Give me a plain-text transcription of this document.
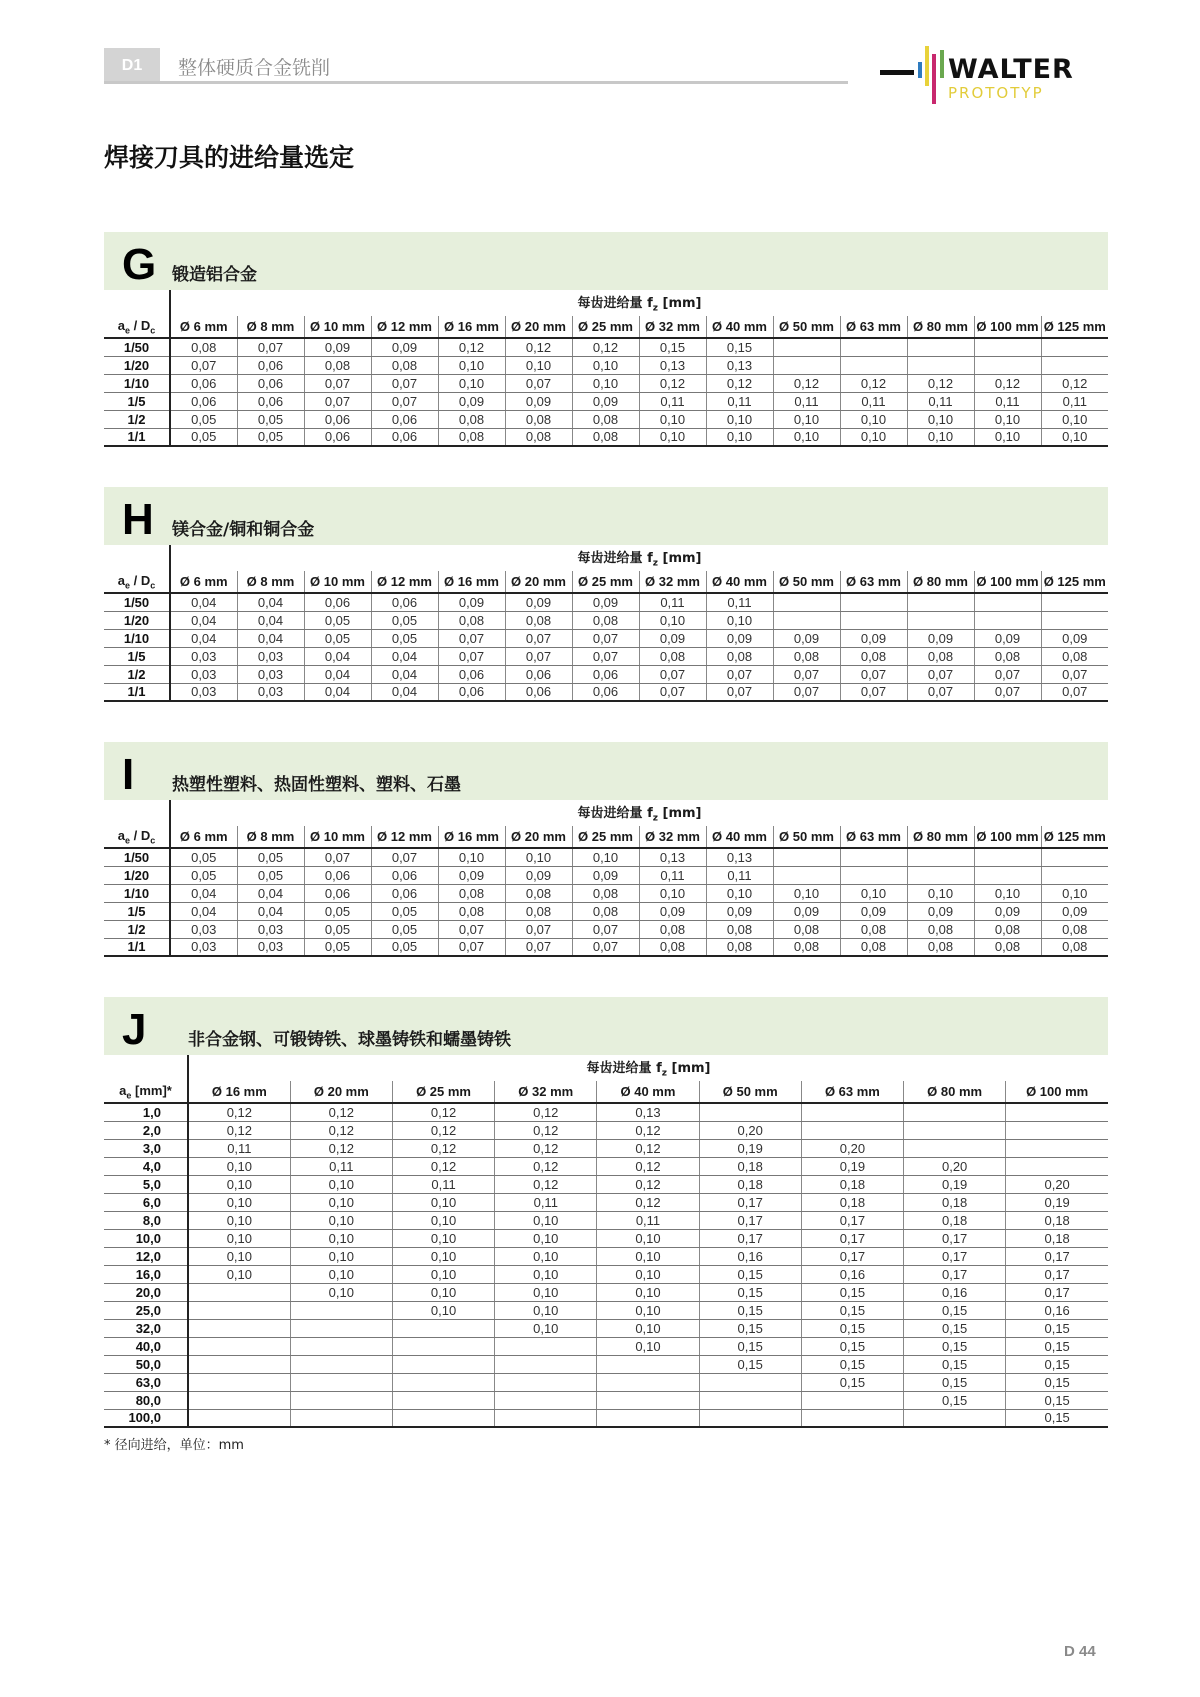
D1	整体硬质合金铣削	WALTER
PROTOTYP
焊接刀具的进给量选定
G 锻造铝合金
	每齿进给量 $f_z$ [mm]													
$a_e / D_c$	Ø 6 mm	Ø 8 mm	Ø 10 mm	Ø 12 mm	Ø 16 mm	Ø 20 mm	Ø 25 mm	Ø 32 mm	Ø 40 mm	Ø 50 mm	Ø 63 mm	Ø 80 mm	Ø 100 mm	Ø 125 mm
1/50	0,08	0,07	0,09	0,09	0,12	0,12	0,12	0,15	0,15					
1/20	0,07	0,06	0,08	0,08	0,10	0,10	0,10	0,13	0,13					
1/10	0,06	0,06	0,07	0,07	0,10	0,07	0,10	0,12	0,12	0,12	0,12	0,12	0,12	0,12
1/5	0,06	0,06	0,07	0,07	0,09	0,09	0,09	0,11	0,11	0,11	0,11	0,11	0,11	0,11
1/2	0,05	0,05	0,06	0,06	0,08	0,08	0,08	0,10	0,10	0,10	0,10	0,10	0,10	0,10
1/1	0,05	0,05	0,06	0,06	0,08	0,08	0,08	0,10	0,10	0,10	0,10	0,10	0,10	0,10
H 镁合金/铜和铜合金
	每齿进给量 $f_z$ [mm]													
$a_e / D_c$	Ø 6 mm	Ø 8 mm	Ø 10 mm	Ø 12 mm	Ø 16 mm	Ø 20 mm	Ø 25 mm	Ø 32 mm	Ø 40 mm	Ø 50 mm	Ø 63 mm	Ø 80 mm	Ø 100 mm	Ø 125 mm
1/50	0,04	0,04	0,06	0,06	0,09	0,09	0,09	0,11	0,11					
1/20	0,04	0,04	0,05	0,05	0,08	0,08	0,08	0,10	0,10					
1/10	0,04	0,04	0,05	0,05	0,07	0,07	0,07	0,09	0,09	0,09	0,09	0,09	0,09	0,09
1/5	0,03	0,03	0,04	0,04	0,07	0,07	0,07	0,08	0,08	0,08	0,08	0,08	0,08	0,08
1/2	0,03	0,03	0,04	0,04	0,06	0,06	0,06	0,07	0,07	0,07	0,07	0,07	0,07	0,07
1/1	0,03	0,03	0,04	0,04	0,06	0,06	0,06	0,07	0,07	0,07	0,07	0,07	0,07	0,07
I 热塑性塑料、热固性塑料、塑料、石墨
	每齿进给量 $f_z$ [mm]													
$a_e / D_c$	Ø 6 mm	Ø 8 mm	Ø 10 mm	Ø 12 mm	Ø 16 mm	Ø 20 mm	Ø 25 mm	Ø 32 mm	Ø 40 mm	Ø 50 mm	Ø 63 mm	Ø 80 mm	Ø 100 mm	Ø 125 mm
1/50	0,05	0,05	0,07	0,07	0,10	0,10	0,10	0,13	0,13					
1/20	0,05	0,05	0,06	0,06	0,09	0,09	0,09	0,11	0,11					
1/10	0,04	0,04	0,06	0,06	0,08	0,08	0,08	0,10	0,10	0,10	0,10	0,10	0,10	0,10
1/5	0,04	0,04	0,05	0,05	0,08	0,08	0,08	0,09	0,09	0,09	0,09	0,09	0,09	0,09
1/2	0,03	0,03	0,05	0,05	0,07	0,07	0,07	0,08	0,08	0,08	0,08	0,08	0,08	0,08
1/1	0,03	0,03	0,05	0,05	0,07	0,07	0,07	0,08	0,08	0,08	0,08	0,08	0,08	0,08
J 非合金钢、可锻铸铁、球墨铸铁和蠕墨铸铁
	每齿进给量 $f_z$ [mm]								
$a_e$ [mm]*	Ø 16 mm	Ø 20 mm	Ø 25 mm	Ø 32 mm	Ø 40 mm	Ø 50 mm	Ø 63 mm	Ø 80 mm	Ø 100 mm
1,0	0,12	0,12	0,12	0,12	0,13				
2,0	0,12	0,12	0,12	0,12	0,12	0,20			
3,0	0,11	0,12	0,12	0,12	0,12	0,19	0,20		
4,0	0,10	0,11	0,12	0,12	0,12	0,18	0,19	0,20	
5,0	0,10	0,10	0,11	0,12	0,12	0,18	0,18	0,19	0,20
6,0	0,10	0,10	0,10	0,11	0,12	0,17	0,18	0,18	0,19
8,0	0,10	0,10	0,10	0,10	0,11	0,17	0,17	0,18	0,18
10,0	0,10	0,10	0,10	0,10	0,10	0,17	0,17	0,17	0,18
12,0	0,10	0,10	0,10	0,10	0,10	0,16	0,17	0,17	0,17
16,0	0,10	0,10	0,10	0,10	0,10	0,15	0,16	0,17	0,17
20,0		0,10	0,10	0,10	0,10	0,15	0,15	0,16	0,17
25,0			0,10	0,10	0,10	0,15	0,15	0,15	0,16
32,0				0,10	0,10	0,15	0,15	0,15	0,15
40,0					0,10	0,15	0,15	0,15	0,15
50,0						0,15	0,15	0,15	0,15
63,0							0,15	0,15	0,15
80,0								0,15	0,15
100,0									0,15
* 径向进给，单位：mm
D 44
